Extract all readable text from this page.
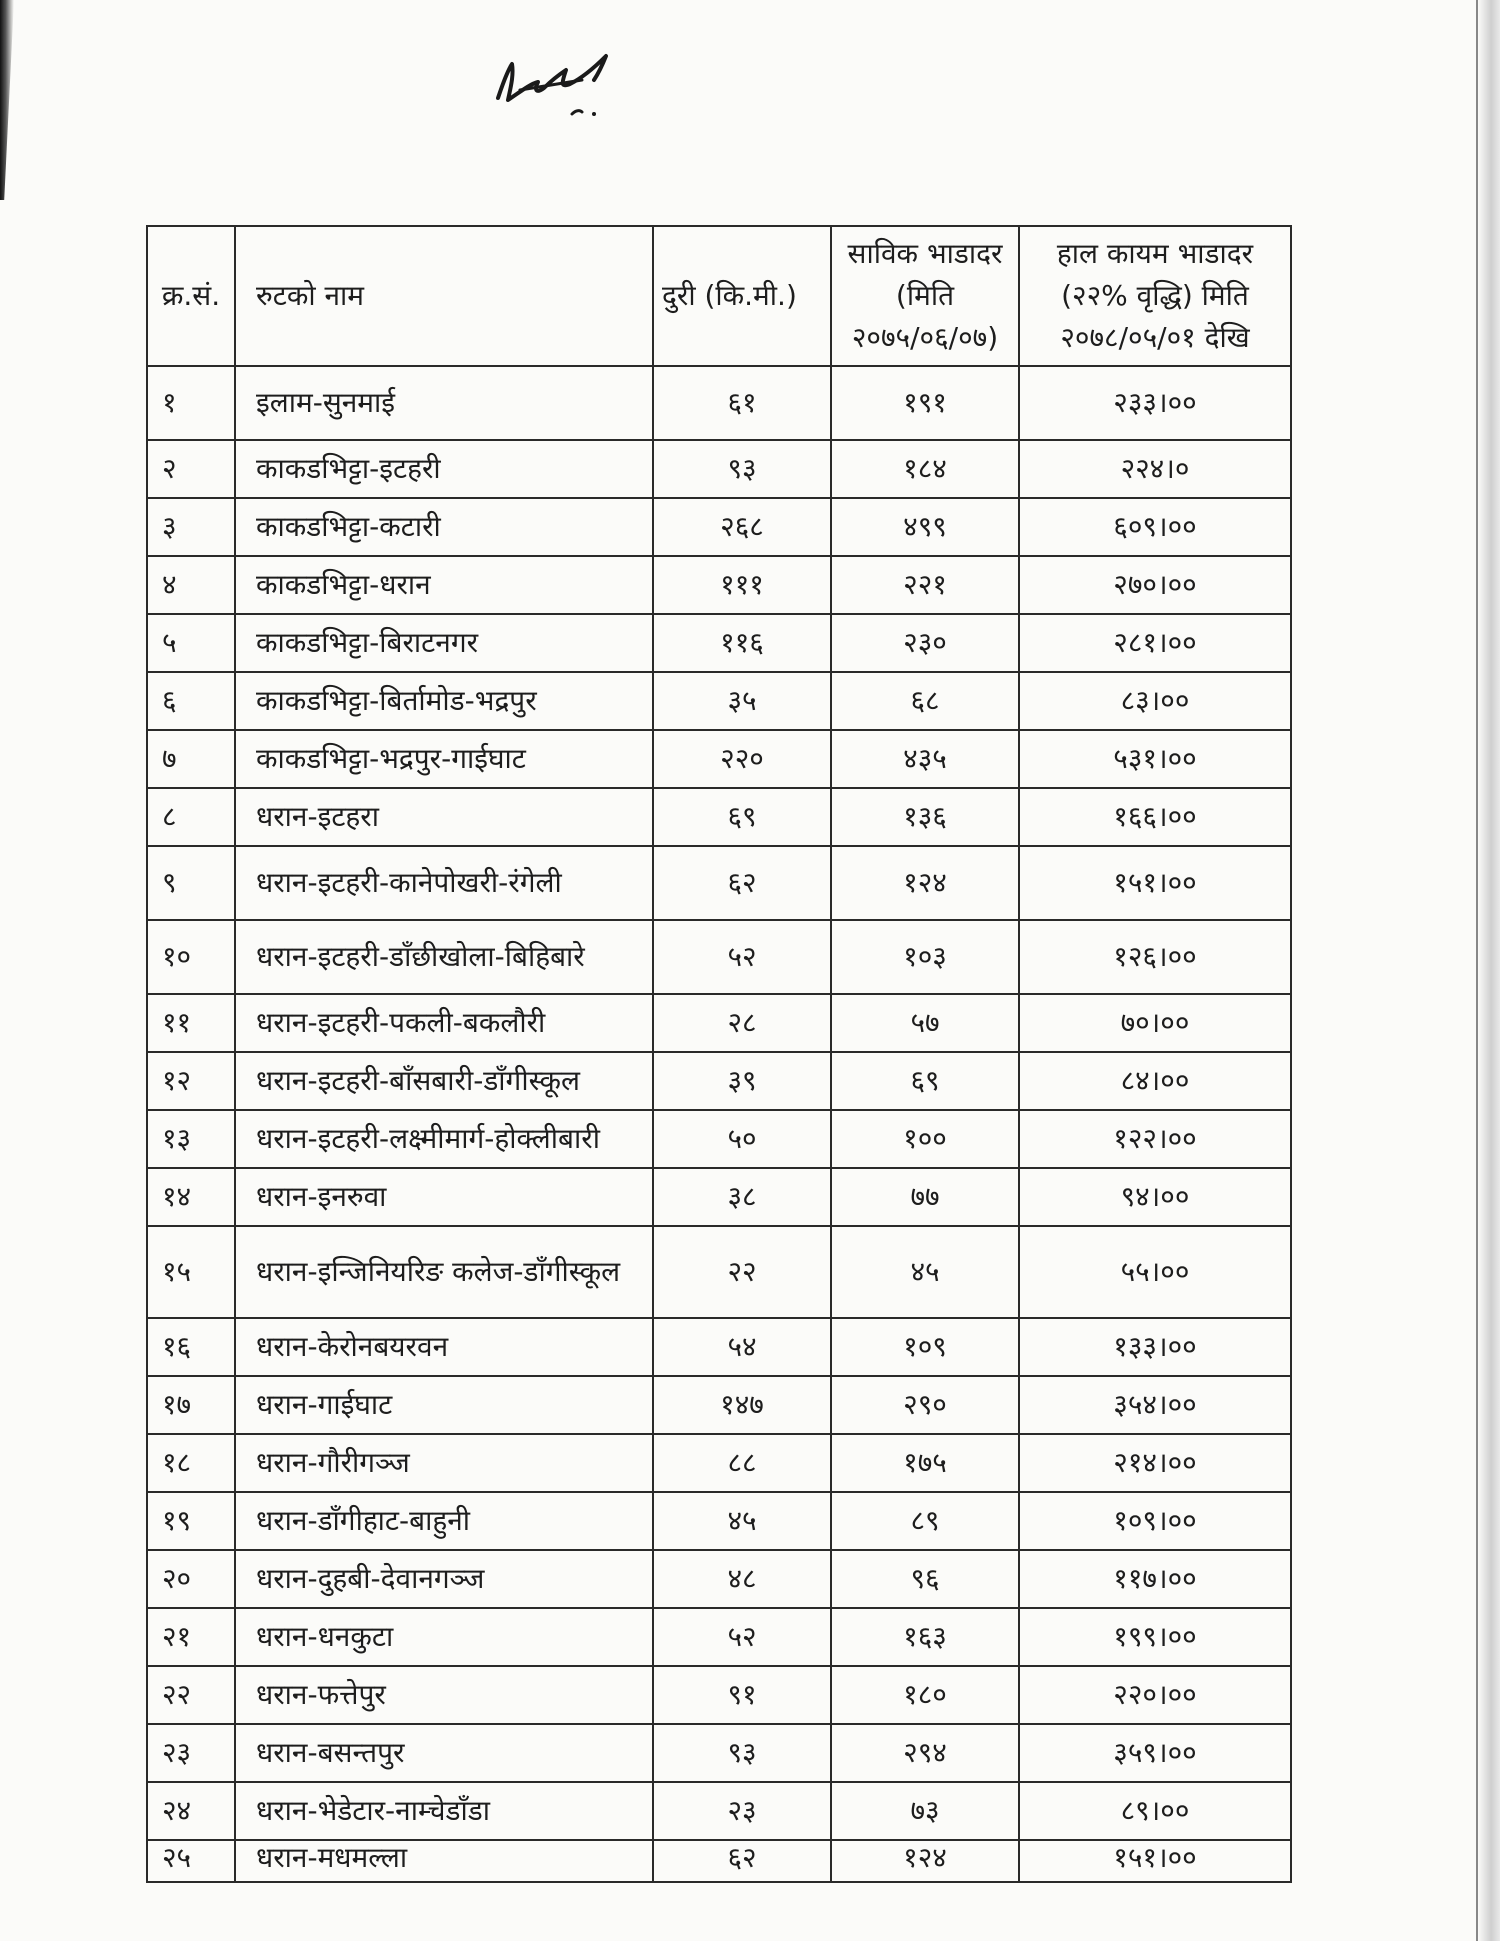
क्र.सं.	रुटको नाम	दुरी (कि.मी.)	साविक भाडादर (मिति २०७५/०६/०७)	हाल कायम भाडादर (२२% वृद्धि) मिति २०७८/०५/०१ देखि
१	इलाम-सुनमाई	६१	१९१	२३३।००
२	काकडभिट्टा-इटहरी	९३	१८४	२२४।०
३	काकडभिट्टा-कटारी	२६८	४९९	६०९।००
४	काकडभिट्टा-धरान	१११	२२१	२७०।००
५	काकडभिट्टा-बिराटनगर	११६	२३०	२८१।००
६	काकडभिट्टा-बिर्तामोड-भद्रपुर	३५	६८	८३।००
७	काकडभिट्टा-भद्रपुर-गाईघाट	२२०	४३५	५३१।००
८	धरान-इटहरा	६९	१३६	१६६।००
९	धरान-इटहरी-कानेपोखरी-रंगेली	६२	१२४	१५१।००
१०	धरान-इटहरी-डाँछीखोला-बिहिबारे	५२	१०३	१२६।००
११	धरान-इटहरी-पकली-बकलौरी	२८	५७	७०।००
१२	धरान-इटहरी-बाँसबारी-डाँगीस्कूल	३९	६९	८४।००
१३	धरान-इटहरी-लक्ष्मीमार्ग-होक्लीबारी	५०	१००	१२२।००
१४	धरान-इनरुवा	३८	७७	९४।००
१५	धरान-इन्जिनियरिङ कलेज-डाँगीस्कूल	२२	४५	५५।००
१६	धरान-केरोनबयरवन	५४	१०९	१३३।००
१७	धरान-गाईघाट	१४७	२९०	३५४।००
१८	धरान-गौरीगञ्ज	८८	१७५	२१४।००
१९	धरान-डाँगीहाट-बाहुनी	४५	८९	१०९।००
२०	धरान-दुहबी-देवानगञ्ज	४८	९६	११७।००
२१	धरान-धनकुटा	५२	१६३	१९९।००
२२	धरान-फत्तेपुर	९१	१८०	२२०।००
२३	धरान-बसन्तपुर	९३	२९४	३५९।००
२४	धरान-भेडेटार-नाम्चेडाँडा	२३	७३	८९।००
२५	धरान-मधमल्ला	६२	१२४	१५१।००
